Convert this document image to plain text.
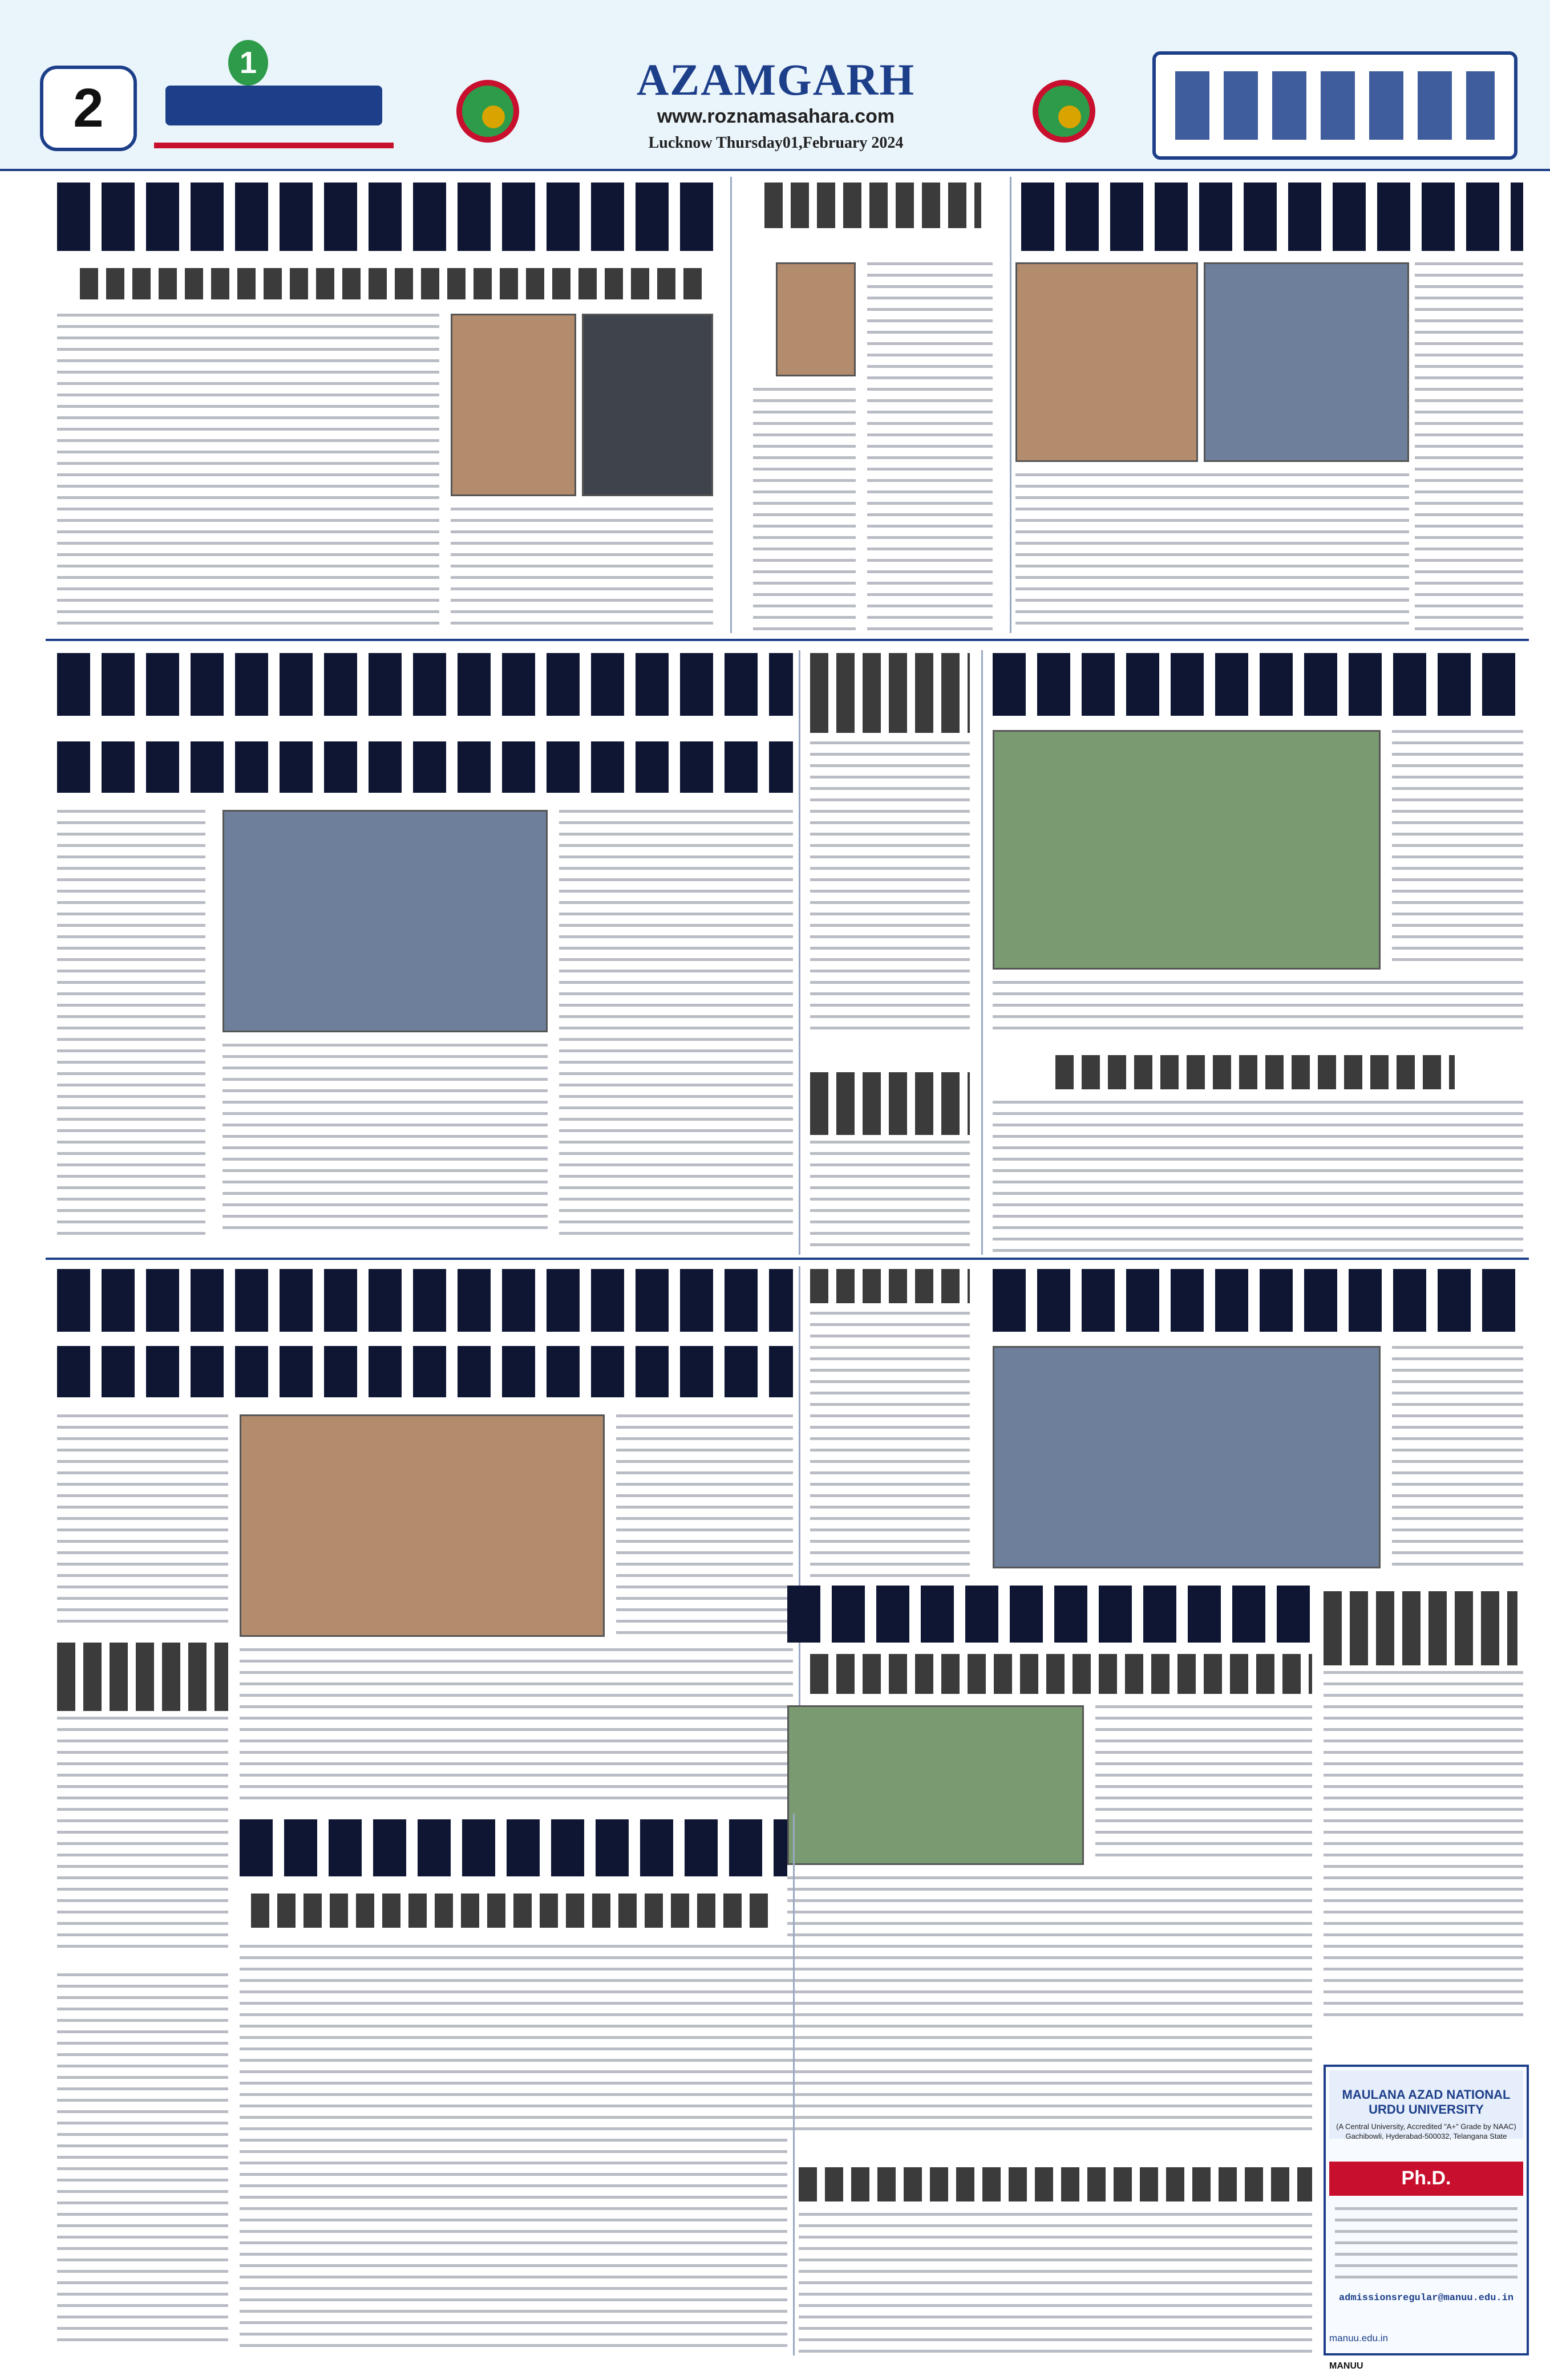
2
1	AZAMGARH
www.roznamasahara.com
Lucknow Thursday01,February 2024
MAULANA AZAD NATIONAL URDU UNIVERSITY
(A Central University, Accredited "A+" Grade by NAAC)
Gachibowli, Hyderabad-500032, Telangana State
Ph.D.
admissionsregular@manuu.edu.in
manuu.edu.in
MANUU
